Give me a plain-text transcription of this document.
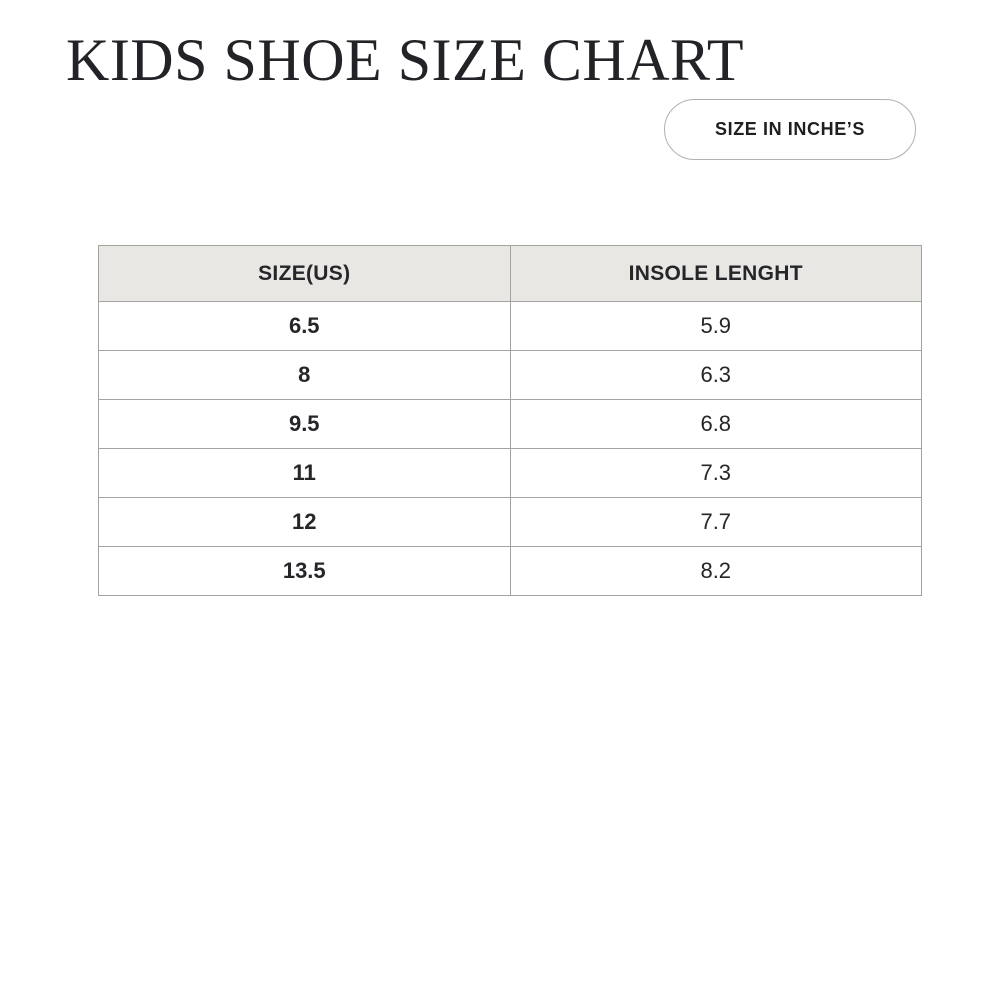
KIDS SHOE SIZE CHART
SIZE IN INCHE’S
SIZE(US)	INSOLE LENGHT
6.5	5.9
8	6.3
9.5	6.8
11	7.3
12	7.7
13.5	8.2
